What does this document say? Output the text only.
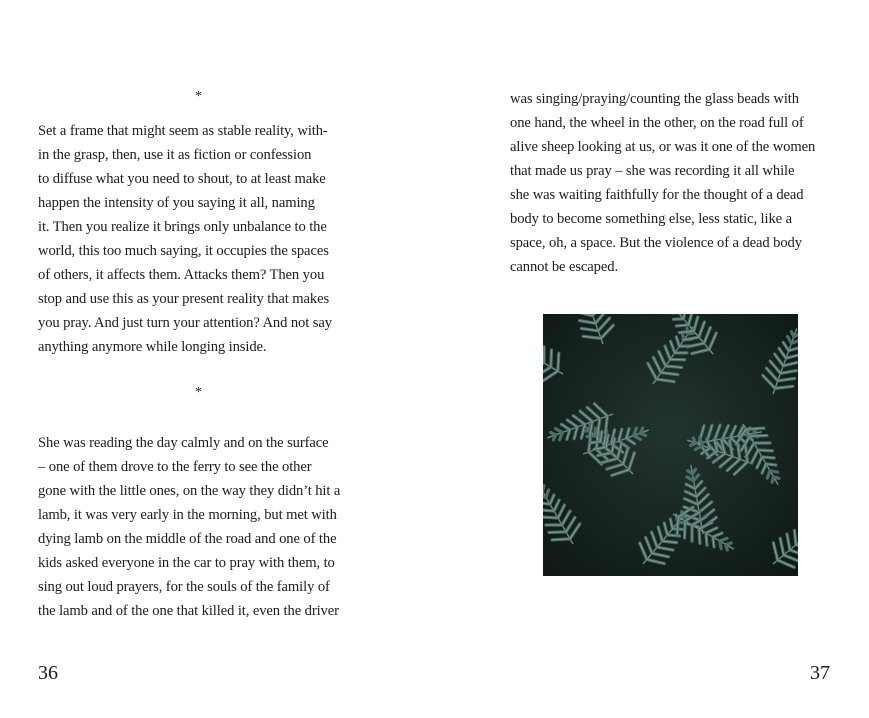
*
Set a frame that might seem as stable reality, with-
in the grasp, then, use it as fiction or confession
to diffuse what you need to shout, to at least make
happen the intensity of you saying it all, naming
it. Then you realize it brings only unbalance to the
world, this too much saying, it occupies the spaces
of others, it affects them. Attacks them? Then you
stop and use this as your present reality that makes
you pray. And just turn your attention? And not say
anything anymore while longing inside.
*
She was reading the day calmly and on the surface
– one of them drove to the ferry to see the other
gone with the little ones, on the way they didn’t hit a
lamb, it was very early in the morning, but met with
dying lamb on the middle of the road and one of the
kids asked everyone in the car to pray with them, to
sing out loud prayers, for the souls of the family of
the lamb and of the one that killed it, even the driver
36
was singing/praying/counting the glass beads with
one hand, the wheel in the other, on the road full of
alive sheep looking at us, or was it one of the women
that made us pray – she was recording it all while
she was waiting faithfully for the thought of a dead
body to become something else, less static, like a
space, oh, a space. But the violence of a dead body
cannot be escaped.
37
